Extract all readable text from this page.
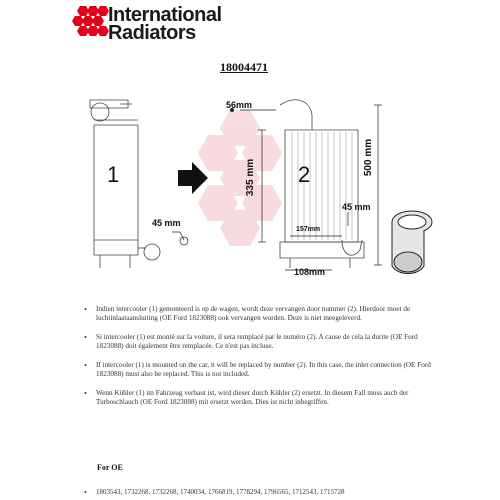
International
Radiators
18004471
1	2
56mm
335 mm
500 mm
45 mm
45 mm
157mm
108mm
• Indien intercooler (1) gemonteerd is op de wagen, wordt deze vervangen door nummer (2). Hierdoor moet de luchtinlaataansluiting (OE Ford 1823088) ook vervangen worden. Deze is niet meegeleverd.
• Si intercooler (1) est monté sur la voiture, il sera remplacé par le numéro (2). A cause de cela la durite (OE Ford 1823088) doit également être remplacée. Ce n'est pas incluse.
• If intercooler (1) is mounted on the car, it will be replaced by number (2). In this case, the inlet connection (OE Ford 1823088) must also be replaced. This is not included.
• Wenn Kühler (1) im Fahrzeug verbaut ist, wird dieser durch Kühler (2) ersetzt. In diesem Fall muss auch der Turboschlauch (OE Ford 1823088) mit ersetzt werden. Dies ist nicht inbegriffen.
For OE
• 1803543, 1732268, 1732268, 1740034, 1766819, 1778294, 1796565, 1712543, 1715728
